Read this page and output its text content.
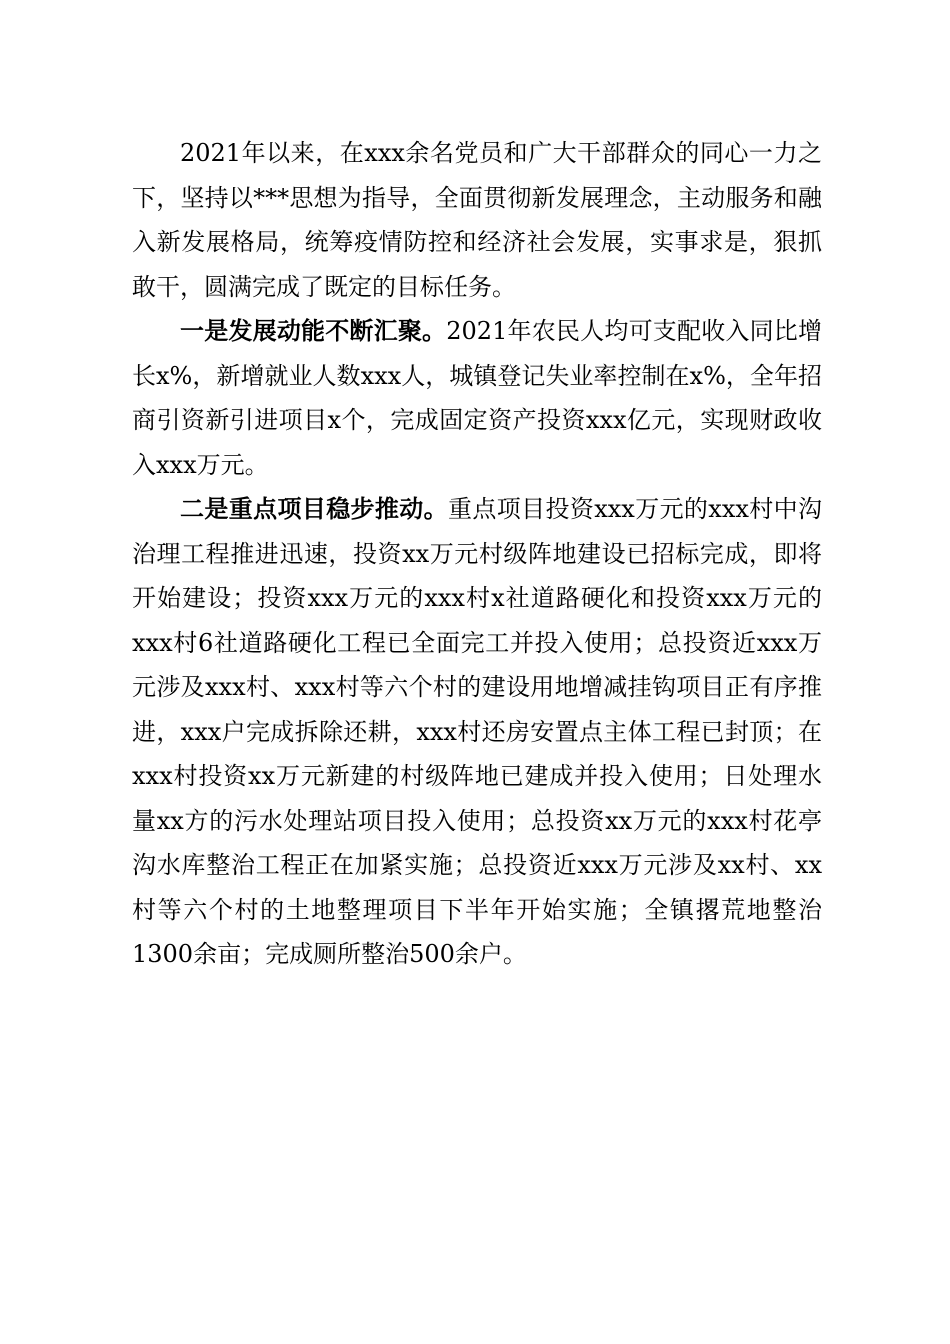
2021年以来，在xxx余名党员和广大干部群众的同心一力之下，坚持以***思想为指导，全面贯彻新发展理念，主动服务和融入新发展格局，统筹疫情防控和经济社会发展，实事求是，狠抓敢干，圆满完成了既定的目标任务。

一是发展动能不断汇聚。2021年农民人均可支配收入同比增长x%，新增就业人数xxx人，城镇登记失业率控制在x%，全年招商引资新引进项目x个，完成固定资产投资xxx亿元，实现财政收入xxx万元。

二是重点项目稳步推动。重点项目投资xxx万元的xxx村中沟治理工程推进迅速，投资xx万元村级阵地建设已招标完成，即将开始建设；投资xxx万元的xxx村x社道路硬化和投资xxx万元的xxx村6社道路硬化工程已全面完工并投入使用；总投资近xxx万元涉及xxx村、xxx村等六个村的建设用地增减挂钩项目正有序推进，xxx户完成拆除还耕，xxx村还房安置点主体工程已封顶；在xxx村投资xx万元新建的村级阵地已建成并投入使用；日处理水量xx方的污水处理站项目投入使用；总投资xx万元的xxx村花亭沟水库整治工程正在加紧实施；总投资近xxx万元涉及xx村、xx村等六个村的土地整理项目下半年开始实施；全镇撂荒地整治1300余亩；完成厕所整治500余户。
